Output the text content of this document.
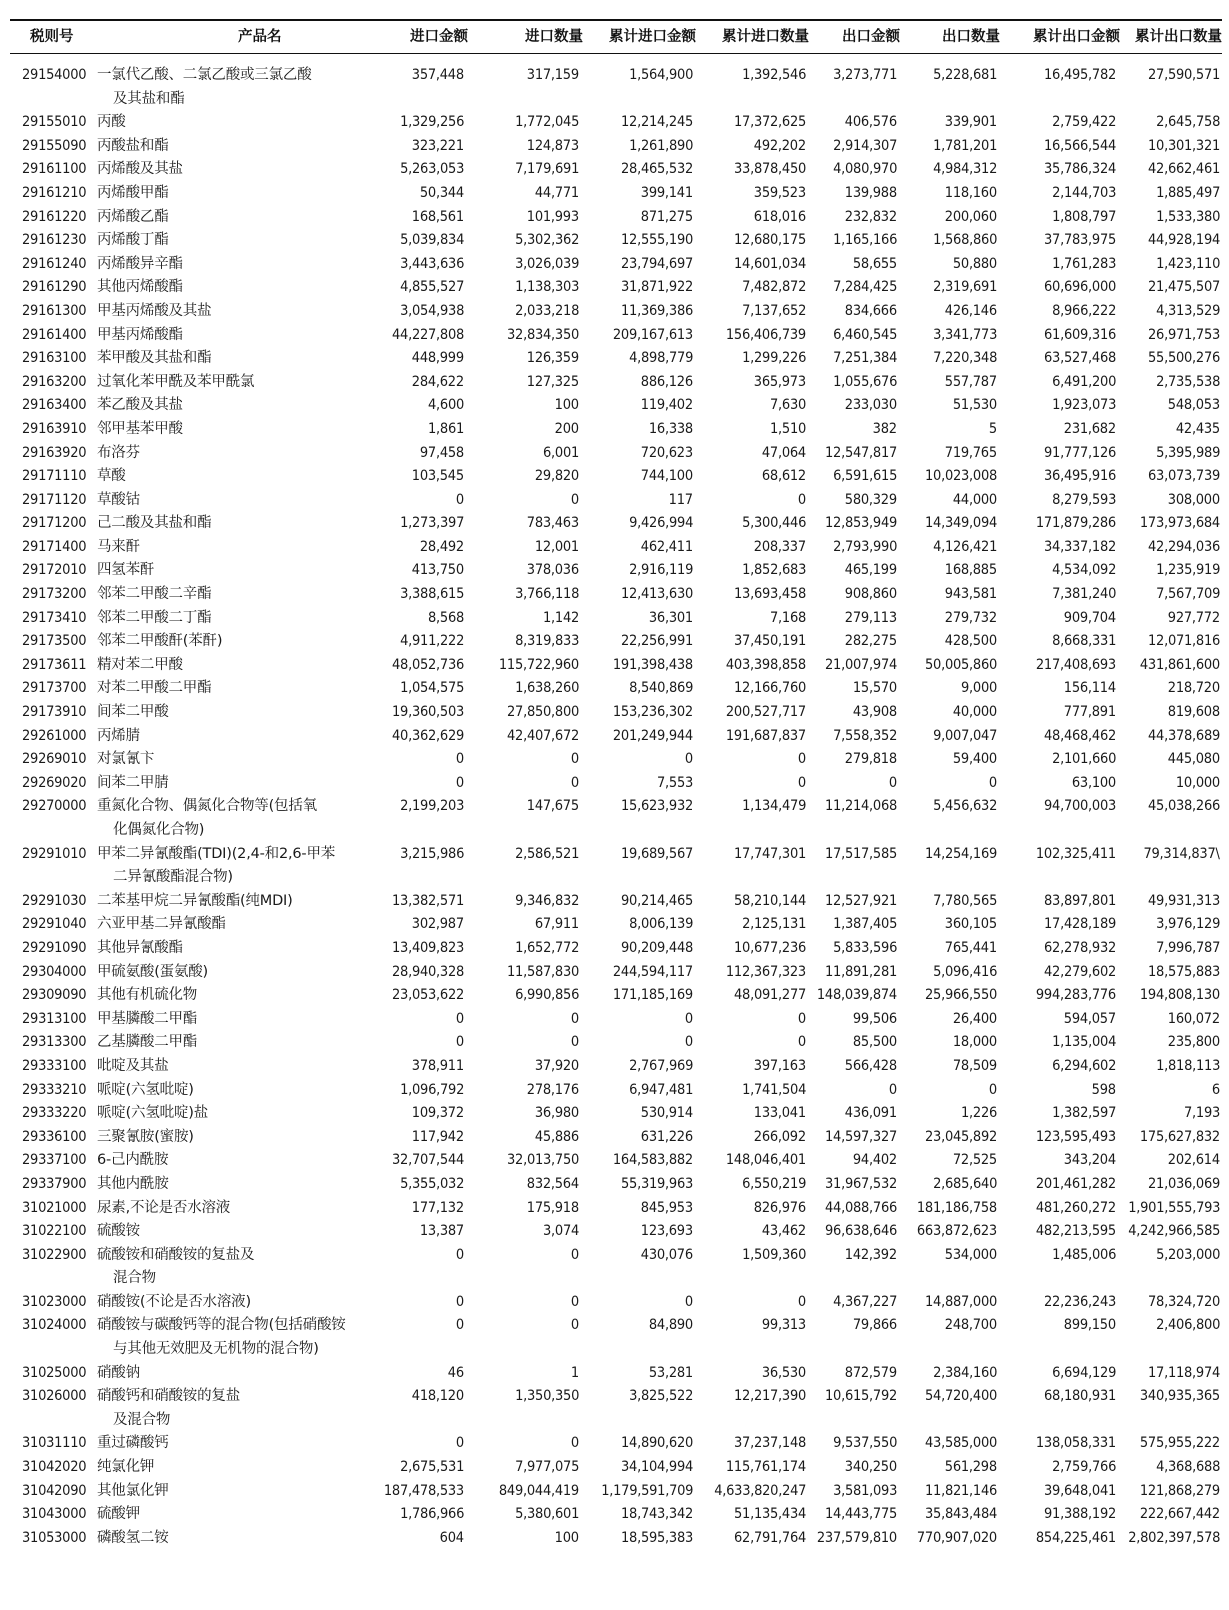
税则号	产品名	进口金额	进口数量 累计进口金额 累计进口数量 出口金额	出口数量 累计出口金额 累计出口数量
29154000 一氯代乙酸、二氯乙酸或三氯乙酸
及其盐和酯
357,448	317,159	1,564,900	1,392,546 3,273,771 5,228,681	16,495,782 27,590,571
29155010 丙酸	1,329,256	1,772,045	12,214,245	17,372,625	406,576	339,901	2,759,422	2,645,758
29155090 丙酸盐和酯	323,221	124,873	1,261,890	492,202 2,914,307 1,781,201	16,566,544 10,301,321
29161100 丙烯酸及其盐	5,263,053	7,179,691	28,465,532	33,878,450 4,080,970 4,984,312	35,786,324 42,662,461
29161210 丙烯酸甲酯	50,344	44,771	399,141	359,523	139,988	118,160	2,144,703	1,885,497
29161220 丙烯酸乙酯	168,561	101,993	871,275	618,016	232,832	200,060	1,808,797	1,533,380
29161230 丙烯酸丁酯	5,039,834	5,302,362	12,555,190	12,680,175 1,165,166 1,568,860	37,783,975 44,928,194
29161240 丙烯酸异辛酯	3,443,636	3,026,039	23,794,697	14,601,034	58,655	50,880	1,761,283	1,423,110
29161290 其他丙烯酸酯	4,855,527	1,138,303	31,871,922	7,482,872 7,284,425 2,319,691	60,696,000 21,475,507
29161300 甲基丙烯酸及其盐	3,054,938	2,033,218	11,369,386	7,137,652	834,666	426,146	8,966,222	4,313,529
29161400 甲基丙烯酸酯	44,227,808	32,834,350 209,167,613 156,406,739 6,460,545 3,341,773	61,609,316 26,971,753
29163100 苯甲酸及其盐和酯	448,999	126,359	4,898,779	1,299,226 7,251,384 7,220,348	63,527,468 55,500,276
29163200 过氧化苯甲酰及苯甲酰氯	284,622	127,325	886,126	365,973 1,055,676	557,787	6,491,200	2,735,538
29163400 苯乙酸及其盐	4,600	100	119,402	7,630	233,030	51,530	1,923,073	548,053
29163910 邻甲基苯甲酸	1,861	200	16,338	1,510	382	5	231,682	42,435
29163920 布洛芬	97,458	6,001	720,623	47,064 12,547,817	719,765	91,777,126	5,395,989
29171110 草酸	103,545	29,820	744,100	68,612 6,591,615 10,023,008	36,495,916 63,073,739
29171120 草酸钴	0	0	117	0	580,329	44,000	8,279,593	308,000
29171200 己二酸及其盐和酯	1,273,397	783,463	9,426,994	5,300,446 12,853,949 14,349,094	171,879,286 173,973,684
29171400 马来酐	28,492	12,001	462,411	208,337 2,793,990 4,126,421	34,337,182 42,294,036
29172010 四氢苯酐	413,750	378,036	2,916,119	1,852,683	465,199	168,885	4,534,092	1,235,919
29173200 邻苯二甲酸二辛酯	3,388,615	3,766,118	12,413,630	13,693,458	908,860	943,581	7,381,240	7,567,709
29173410 邻苯二甲酸二丁酯	8,568	1,142	36,301	7,168	279,113	279,732	909,704	927,772
29173500 邻苯二甲酸酐(苯酐)	4,911,222	8,319,833	22,256,991	37,450,191	282,275	428,500	8,668,331 12,071,816
29173611 精对苯二甲酸	48,052,736 115,722,960 191,398,438 403,398,858 21,007,974 50,005,860	217,408,693 431,861,600
29173700 对苯二甲酸二甲酯	1,054,575	1,638,260	8,540,869	12,166,760	15,570	9,000	156,114	218,720
29173910 间苯二甲酸	19,360,503	27,850,800 153,236,302 200,527,717	43,908	40,000	777,891	819,608
29261000 丙烯腈	40,362,629	42,407,672 201,249,944 191,687,837 7,558,352 9,007,047	48,468,462 44,378,689
29269010 对氯氰卞	0	0	0	0	279,818	59,400	2,101,660	445,080
29269020 间苯二甲腈	0	0	7,553	0	0	0	63,100	10,000
29270000 重氮化合物、偶氮化合物等(包括氧
化偶氮化合物)
2,199,203	147,675	15,623,932	1,134,479 11,214,068 5,456,632	94,700,003 45,038,266
29291010 甲苯二异氰酸酯(TDI)(2,4-和2,6-甲苯
二异氰酸酯混合物)
3,215,986	2,586,521	19,689,567	17,747,301 17,517,585 14,254,169	102,325,411 79,314,837\
29291030 二苯基甲烷二异氰酸酯(纯MDI)	13,382,571	9,346,832	90,214,465	58,210,144 12,527,921 7,780,565	83,897,801 49,931,313
29291040 六亚甲基二异氰酸酯	302,987	67,911	8,006,139	2,125,131 1,387,405	360,105	17,428,189	3,976,129
29291090 其他异氰酸酯	13,409,823	1,652,772	90,209,448	10,677,236 5,833,596	765,441	62,278,932	7,996,787
29304000 甲硫氨酸(蛋氨酸)	28,940,328	11,587,830 244,594,117 112,367,323 11,891,281 5,096,416	42,279,602 18,575,883
29309090 其他有机硫化物	23,053,622	6,990,856 171,185,169	48,091,277 148,039,874 25,966,550	994,283,776 194,808,130
29313100 甲基膦酸二甲酯	0	0	0	0	99,506	26,400	594,057	160,072
29313300 乙基膦酸二甲酯	0	0	0	0	85,500	18,000	1,135,004	235,800
29333100 吡啶及其盐	378,911	37,920	2,767,969	397,163	566,428	78,509	6,294,602	1,818,113
29333210 哌啶(六氢吡啶)	1,096,792	278,176	6,947,481	1,741,504	0	0	598	6
29333220 哌啶(六氢吡啶)盐	109,372	36,980	530,914	133,041	436,091	1,226	1,382,597	7,193
29336100 三聚氰胺(蜜胺)	117,942	45,886	631,226	266,092 14,597,327 23,045,892	123,595,493 175,627,832
29337100 6-己内酰胺	32,707,544	32,013,750 164,583,882 148,046,401	94,402	72,525	343,204	202,614
29337900 其他内酰胺	5,355,032	832,564	55,319,963	6,550,219 31,967,532 2,685,640	201,461,282 21,036,069
31021000 尿素,不论是否水溶液	177,132	175,918	845,953	826,976 44,088,766 181,186,758	481,260,272 1,901,555,793
31022100 硫酸铵	13,387	3,074	123,693	43,462 96,638,646 663,872,623	482,213,595 4,242,966,585
31022900 硫酸铵和硝酸铵的复盐及
混合物
0	0	430,076	1,509,360	142,392	534,000	1,485,006	5,203,000
31023000 硝酸铵(不论是否水溶液)	0	0	0	0 4,367,227 14,887,000	22,236,243 78,324,720
31024000 硝酸铵与碳酸钙等的混合物(包括硝酸铵
与其他无效肥及无机物的混合物)
0	0	84,890	99,313	79,866	248,700	899,150	2,406,800
31025000 硝酸钠	46	1	53,281	36,530	872,579 2,384,160	6,694,129 17,118,974
31026000 硝酸钙和硝酸铵的复盐
及混合物
418,120	1,350,350	3,825,522	12,217,390 10,615,792 54,720,400	68,180,931 340,935,365
31031110 重过磷酸钙	0	0	14,890,620	37,237,148 9,537,550 43,585,000	138,058,331 575,955,222
31042020 纯氯化钾	2,675,531	7,977,075	34,104,994 115,761,174	340,250	561,298	2,759,766	4,368,688
31042090 其他氯化钾	187,478,533 849,044,419 1,179,591,709 4,633,820,247 3,581,093 11,821,146	39,648,041 121,868,279
31043000 硫酸钾	1,786,966	5,380,601	18,743,342	51,135,434 14,443,775 35,843,484	91,388,192 222,667,442
31053000 磷酸氢二铵	604	100	18,595,383	62,791,764 237,579,810 770,907,020	854,225,461 2,802,397,578
